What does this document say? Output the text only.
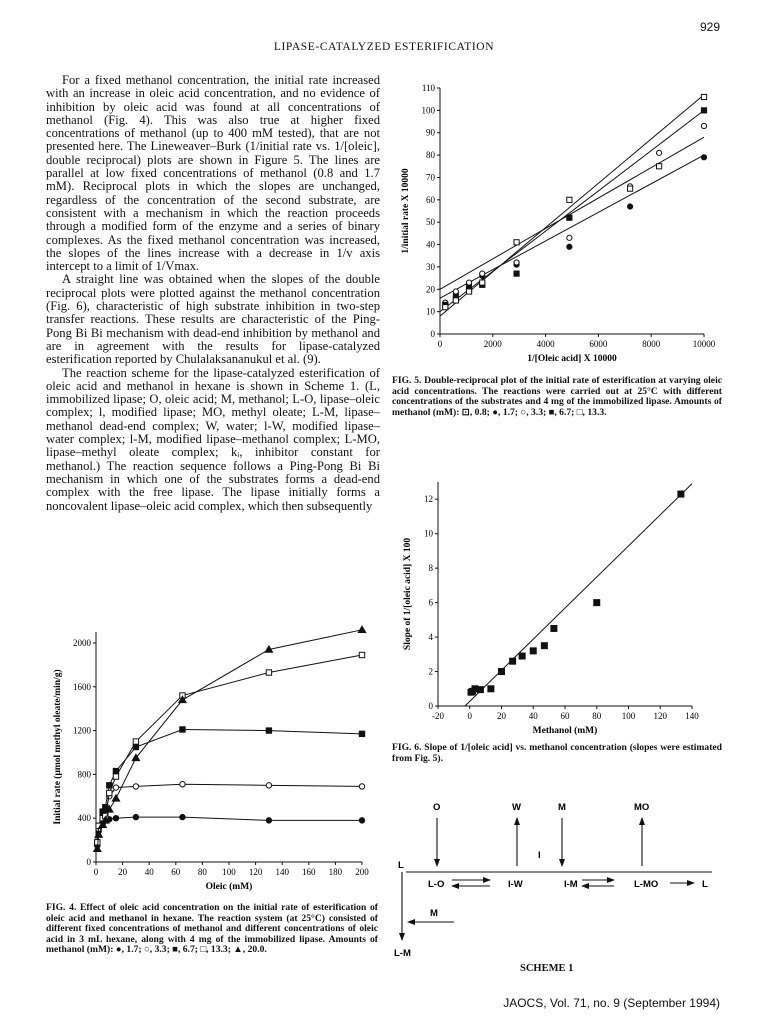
929
LIPASE-CATALYZED ESTERIFICATION

For a fixed methanol concentration, the initial rate increased with an increase in oleic acid concentration, and no evidence of inhibition by oleic acid was found at all concentrations of methanol (Fig. 4). This was also true at higher fixed concentrations of methanol (up to 400 mM tested), that are not presented here. The Lineweaver–Burk (1/initial rate vs. 1/[oleic], double reciprocal) plots are shown in Figure 5. The lines are parallel at low fixed concentrations of methanol (0.8 and 1.7 mM). Reciprocal plots in which the slopes are unchanged, regardless of the concentration of the second substrate, are consistent with a mechanism in which the reaction proceeds through a modified form of the enzyme and a series of binary complexes. As the fixed methanol concentration was increased, the slopes of the lines increase with a decrease in 1/v axis intercept to a limit of 1/Vmax.

A straight line was obtained when the slopes of the double reciprocal plots were plotted against the methanol concentration (Fig. 6), characteristic of high substrate inhibition in two-step transfer reactions. These results are characteristic of the Ping-Pong Bi Bi mechanism with dead-end inhibition by methanol and are in agreement with the results for lipase-catalyzed esterification reported by Chulalaksananukul et al. (9).

The reaction scheme for the lipase-catalyzed esterification of oleic acid and methanol in hexane is shown in Scheme 1. (L, immobilized lipase; O, oleic acid; M, methanol; L-O, lipase–oleic complex; l, modified lipase; MO, methyl oleate; L-M, lipase–methanol dead-end complex; W, water; l-W, modified lipase–water complex; l-M, modified lipase–methanol complex; L-MO, lipase–methyl oleate complex; kᵢ, inhibitor constant for methanol.) The reaction sequence follows a Ping-Pong Bi Bi mechanism in which one of the substrates forms a dead-end complex with the free lipase. The lipase initially forms a noncovalent lipase–oleic acid complex, which then subsequently

0	2000	4000	6000	8000	10000
0
10
20
30
40
50
60
70
80
90
100
110
1/[Oleic acid] X 10000
1/initial rate X 10000
FIG. 5. Double-reciprocal plot of the initial rate of esterification at varying oleic acid concentrations. The reactions were carried out at 25°C with different concentrations of the substrates and 4 mg of the immobilized lipase. Amounts of methanol (mM): ⊡, 0.8; ●, 1.7; ○, 3.3; ■, 6.7; □, 13.3.
-20	0	20	40	60	80 100 120 140
0
2
4
6
8
10
12
Methanol (mM)
Slope of 1/[oleic acid] X 100
FIG. 6. Slope of 1/[oleic acid] vs. methanol concentration (slopes were estimated from Fig. 5).
0 20 40 60 80 100 120 140 160 180 200
0
400
800
1200
1600
2000
Oleic (mM)
Initial rate (μmol methyl oleate/min/g)
FIG. 4. Effect of oleic acid concentration on the initial rate of esterification of oleic acid and methanol in hexane. The reaction system (at 25°C) consisted of different fixed concentrations of methanol and different concentrations of oleic acid in 3 mL hexane, along with 4 mg of the immobilized lipase. Amounts of methanol (mM): ●, 1.7; ○, 3.3; ■, 6.7; □, 13.3; ▲, 20.0.
O	W	M	MO
I
L
L-O	I-W	I-M	L-MO	L
M
L-M
SCHEME 1
JAOCS, Vol. 71, no. 9 (September 1994)
